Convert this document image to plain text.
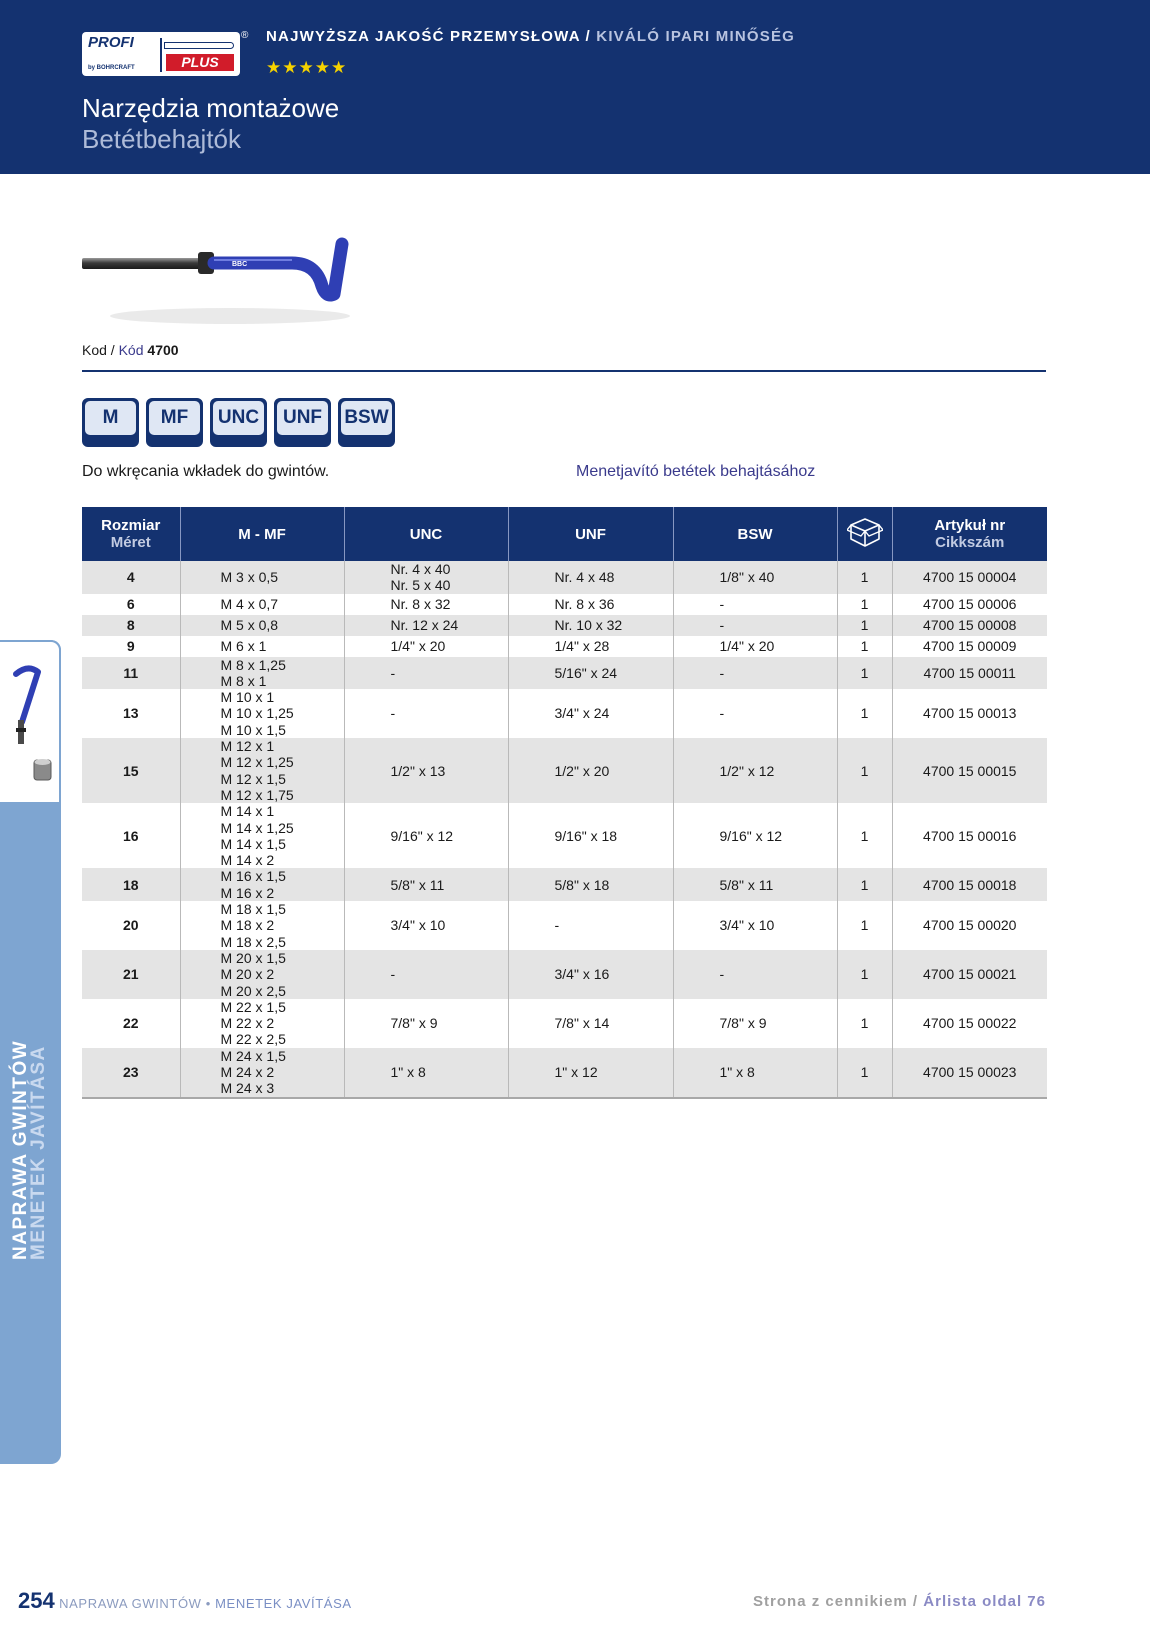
PROFI
PLUS
by BOHRCRAFT
® NAJWYŻSZA JAKOŚĆ PRZEMYSŁOWA / KIVÁLÓ IPARI MINŐSÉG
★★★★★
Narzędzia montażowe
Betétbehajtók
BBC
Kod / Kód 4700
M	MF	UNC	UNF	BSW
Do wkręcania wkładek do gwintów.	Menetjavító betétek behajtásához
Rozmiar
Méret	M - MF	UNC	UNF	BSW		Artykuł nr
Cikkszám

4	M 3 x 0,5	Nr. 4 x 40
Nr. 5 x 40	Nr. 4 x 48	1/8" x 40	1	4700 15 00004
6	M 4 x 0,7	Nr. 8 x 32	Nr. 8 x 36	-	1	4700 15 00006
8	M 5 x 0,8	Nr. 12 x 24	Nr. 10 x 32	-	1	4700 15 00008
9	M 6 x 1	1/4" x 20	1/4" x 28	1/4" x 20	1	4700 15 00009
11	M 8 x 1,25
M 8 x 1	-	5/16" x 24	-	1	4700 15 00011
13	M 10 x 1
M 10 x 1,25
M 10 x 1,5	-	3/4" x 24	-	1	4700 15 00013
15	M 12 x 1
M 12 x 1,25
M 12 x 1,5
M 12 x 1,75	1/2" x 13	1/2" x 20	1/2" x 12	1	4700 15 00015
16	M 14 x 1
M 14 x 1,25
M 14 x 1,5
M 14 x 2	9/16" x 12	9/16" x 18	9/16" x 12	1	4700 15 00016
18	M 16 x 1,5
M 16 x 2	5/8" x 11	5/8" x 18	5/8" x 11	1	4700 15 00018
20	M 18 x 1,5
M 18 x 2
M 18 x 2,5	3/4" x 10	-	3/4" x 10	1	4700 15 00020
21	M 20 x 1,5
M 20 x 2
M 20 x 2,5	-	3/4" x 16	-	1	4700 15 00021
22	M 22 x 1,5
M 22 x 2
M 22 x 2,5	7/8" x 9	7/8" x 14	7/8" x 9	1	4700 15 00022
23	M 24 x 1,5
M 24 x 2
M 24 x 3	1" x 8	1" x 12	1" x 8	1	4700 15 00023
NAPRAWA GWINTÓW
MENETEK JAVÍTÁSA
254 NAPRAWA GWINTÓW • MENETEK JAVÍTÁSA	Strona z cennikiem / Árlista oldal 76
